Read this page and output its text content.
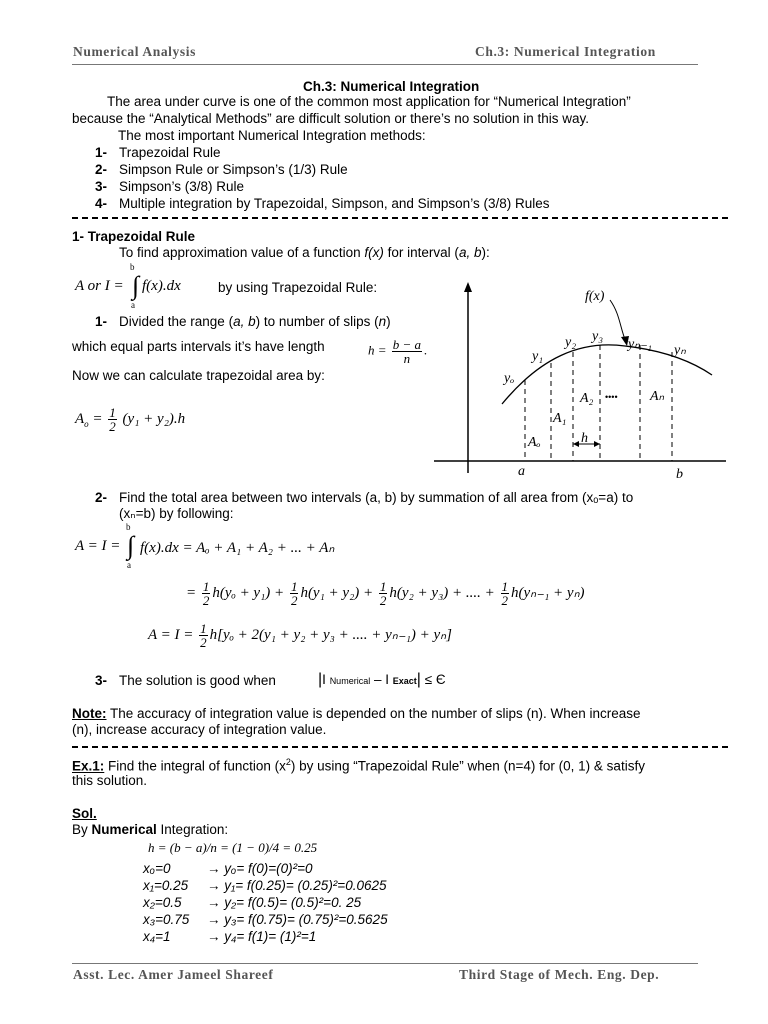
Numerical Analysis	Ch.3: Numerical Integration
Ch.3: Numerical Integration
The area under curve is one of the common most application for “Numerical Integration”
because the “Analytical Methods” are difficult solution or there’s no solution in this way.
The most important Numerical Integration methods:
1- Trapezoidal Rule
2- Simpson Rule or Simpson’s (1/3) Rule
3- Simpson’s (3/8) Rule
4- Multiple integration by Trapezoidal, Simpson, and Simpson’s (3/8) Rules
1- Trapezoidal Rule
To find approximation value of a function f(x) for interval (a, b):
A or I =
b
∫
a
f(x).dx	by using Trapezoidal Rule:
1- Divided the range (a, b) to number of slips (n)
which equal parts intervals it’s have length	$h = \frac{b - a}{n}$ .
Now we can calculate trapezoidal area by:
$A_o = \frac{1}{2} (y_1 + y_2).h$
f(x)
yₒ
y₁
y₂ y₃
yₙ₋₁ yₙ
Aₒ
A₁
A₂	Aₙ
h
a	b
••••
2- Find the total area between two intervals (a, b) by summation of all area from (xₒ=a) to
(xₙ=b) by following:
A = I =
b
∫
a
f(x).dx = Aₒ + A₁ + A₂ + ... + Aₙ
= $\frac{1}{2} h(y_o + y_1) + \frac{1}{2} h(y_1 + y_2) + \frac{1}{2} h(y_2 + y_3)$ + .... + $\frac{1}{2} h(y_{n-1} + y_n)$
$A = I = \frac{1}{2} h[y_o + 2(y_1 + y_2 + y_3$ + .... + yₙ₋₁) + yₙ]
3- The solution is good when	|I Numerical – I Exact| ≤ Є
Note: The accuracy of integration value is depended on the number of slips (n). When increase
(n), increase accuracy of integration value.
Ex.1: Find the integral of function $(x^2)$ by using “Trapezoidal Rule” when (n=4) for (0, 1) & satisfy
this solution.
Sol.
By Numerical Integration:
h = (b − a)/n = (1 − 0)/4 = 0.25
xₒ=0	→ yₒ= f(0)=(0)²=0
x₁=0.25 → y₁= f(0.25)= (0.25)²=0.0625
x₂=0.5 → y₂= f(0.5)= (0.5)²=0. 25
x₃=0.75 → y₃= f(0.75)= (0.75)²=0.5625
x₄=1	→ y₄= f(1)= (1)²=1
Asst. Lec. Amer Jameel Shareef	Third Stage of Mech. Eng. Dep.
